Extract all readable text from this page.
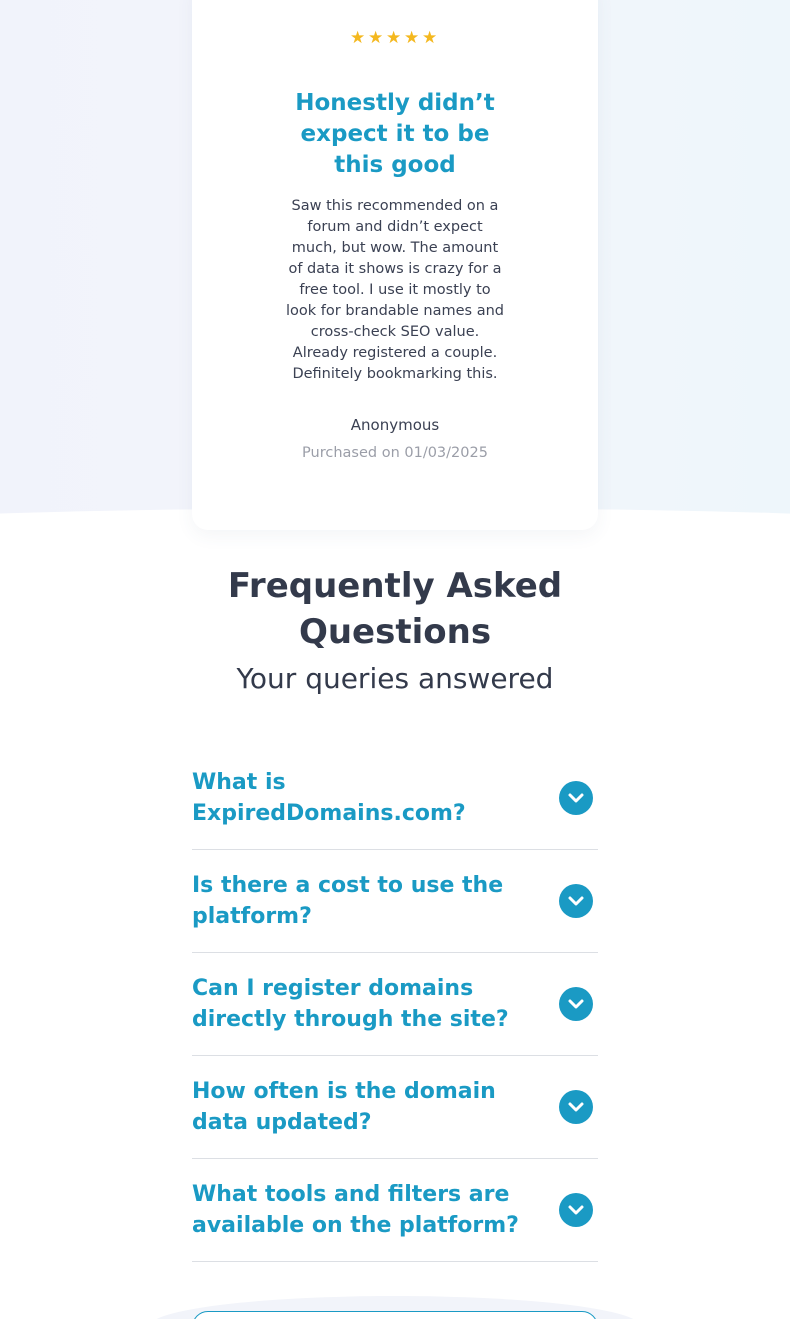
★★★★★
Honestly didn’t expect it to be this good
Saw this recommended on a forum and didn’t expect much, but wow. The amount of data it shows is crazy for a free tool. I use it mostly to look for brandable names and cross-check SEO value. Already registered a couple. Definitely bookmarking this.
Anonymous
Purchased on 01/03/2025
Frequently Asked Questions
Your queries answered
What is ExpiredDomains.com?
Is there a cost to use the platform?
Can I register domains directly through the site?
How often is the domain data updated?
What tools and filters are available on the platform?
